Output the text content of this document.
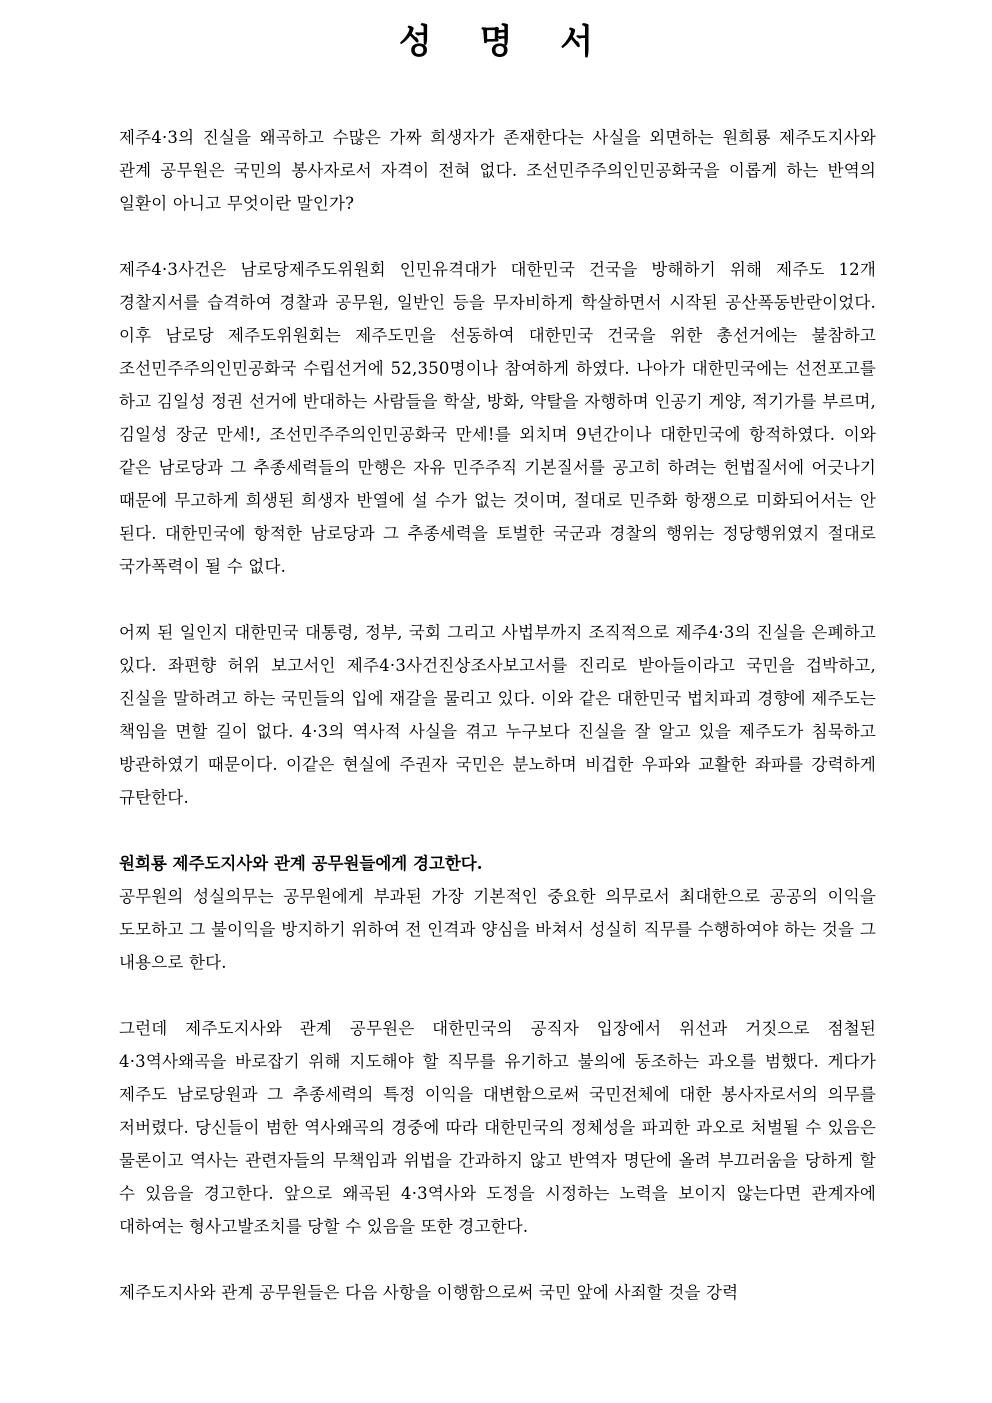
성 명 서

제주4·3의 진실을 왜곡하고 수많은 가짜 희생자가 존재한다는 사실을 외면하는 원희룡 제주도지사와 관계 공무원은 국민의 봉사자로서 자격이 전혀 없다. 조선민주주의인민공화국을 이롭게 하는 반역의 일환이 아니고 무엇이란 말인가?

제주4·3사건은 남로당제주도위원회 인민유격대가 대한민국 건국을 방해하기 위해 제주도 12개 경찰지서를 습격하여 경찰과 공무원, 일반인 등을 무자비하게 학살하면서 시작된 공산폭동반란이었다. 이후 남로당 제주도위원회는 제주도민을 선동하여 대한민국 건국을 위한 총선거에는 불참하고 조선민주주의인민공화국 수립선거에 52,350명이나 참여하게 하였다. 나아가 대한민국에는 선전포고를 하고 김일성 정권 선거에 반대하는 사람들을 학살, 방화, 약탈을 자행하며 인공기 게양, 적기가를 부르며, 김일성 장군 만세!, 조선민주주의인민공화국 만세!를 외치며 9년간이나 대한민국에 항적하였다. 이와 같은 남로당과 그 추종세력들의 만행은 자유 민주주직 기본질서를 공고히 하려는 헌법질서에 어긋나기 때문에 무고하게 희생된 희생자 반열에 설 수가 없는 것이며, 절대로 민주화 항쟁으로 미화되어서는 안 된다. 대한민국에 항적한 남로당과 그 추종세력을 토벌한 국군과 경찰의 행위는 정당행위였지 절대로 국가폭력이 될 수 없다.

어찌 된 일인지 대한민국 대통령, 정부, 국회 그리고 사법부까지 조직적으로 제주4·3의 진실을 은폐하고 있다. 좌편향 허위 보고서인 제주4·3사건진상조사보고서를 진리로 받아들이라고 국민을 겁박하고, 진실을 말하려고 하는 국민들의 입에 재갈을 물리고 있다. 이와 같은 대한민국 법치파괴 경향에 제주도는 책임을 면할 길이 없다. 4·3의 역사적 사실을 겪고 누구보다 진실을 잘 알고 있을 제주도가 침묵하고 방관하였기 때문이다. 이같은 현실에 주권자 국민은 분노하며 비겁한 우파와 교활한 좌파를 강력하게 규탄한다.

원희룡 제주도지사와 관계 공무원들에게 경고한다.

공무원의 성실의무는 공무원에게 부과된 가장 기본적인 중요한 의무로서 최대한으로 공공의 이익을 도모하고 그 불이익을 방지하기 위하여 전 인격과 양심을 바쳐서 성실히 직무를 수행하여야 하는 것을 그 내용으로 한다.

그런데 제주도지사와 관계 공무원은 대한민국의 공직자 입장에서 위선과 거짓으로 점철된 4·3역사왜곡을 바로잡기 위해 지도해야 할 직무를 유기하고 불의에 동조하는 과오를 범했다. 게다가 제주도 남로당원과 그 추종세력의 특정 이익을 대변함으로써 국민전체에 대한 봉사자로서의 의무를 저버렸다. 당신들이 범한 역사왜곡의 경중에 따라 대한민국의 정체성을 파괴한 과오로 처벌될 수 있음은 물론이고 역사는 관련자들의 무책임과 위법을 간과하지 않고 반역자 명단에 올려 부끄러움을 당하게 할 수 있음을 경고한다. 앞으로 왜곡된 4·3역사와 도정을 시정하는 노력을 보이지 않는다면 관계자에 대하여는 형사고발조치를 당할 수 있음을 또한 경고한다.

제주도지사와 관계 공무원들은 다음 사항을 이행함으로써 국민 앞에 사죄할 것을 강력
